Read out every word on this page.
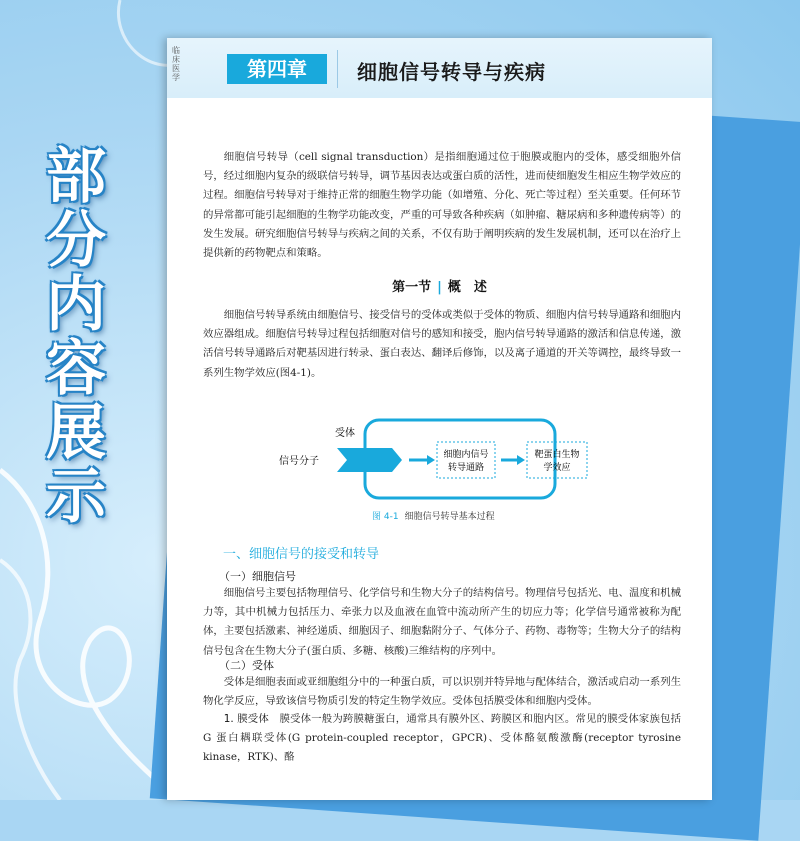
部分内容展示
临床医学	第四章	细胞信号转导与疾病
细胞信号转导（cell signal transduction）是指细胞通过位于胞膜或胞内的受体，感受细胞外信号，经过细胞内复杂的级联信号转导，调节基因表达或蛋白质的活性，进而使细胞发生相应生物学效应的过程。细胞信号转导对于维持正常的细胞生物学功能（如增殖、分化、死亡等过程）至关重要。任何环节的异常都可能引起细胞的生物学功能改变，严重的可导致各种疾病（如肿瘤、糖尿病和多种遗传病等）的发生发展。研究细胞信号转导与疾病之间的关系，不仅有助于阐明疾病的发生发展机制，还可以在治疗上提供新的药物靶点和策略。
第一节 | 概　述
细胞信号转导系统由细胞信号、接受信号的受体或类似于受体的物质、细胞内信号转导通路和细胞内效应器组成。细胞信号转导过程包括细胞对信号的感知和接受，胞内信号转导通路的激活和信息传递，激活信号转导通路后对靶基因进行转录、蛋白表达、翻译后修饰，以及离子通道的开关等调控，最终导致一系列生物学效应(图4-1)。
受体
信号分子
细胞内信号
转导通路
靶蛋白生物
学效应
图 4-1 细胞信号转导基本过程
一、细胞信号的接受和转导
（一）细胞信号
细胞信号主要包括物理信号、化学信号和生物大分子的结构信号。物理信号包括光、电、温度和机械力等，其中机械力包括压力、牵张力以及血液在血管中流动所产生的切应力等；化学信号通常被称为配体，主要包括激素、神经递质、细胞因子、细胞黏附分子、气体分子、药物、毒物等；生物大分子的结构信号包含在生物大分子(蛋白质、多糖、核酸)三维结构的序列中。
（二）受体
受体是细胞表面或亚细胞组分中的一种蛋白质，可以识别并特异地与配体结合，激活或启动一系列生物化学反应，导致该信号物质引发的特定生物学效应。受体包括膜受体和细胞内受体。
1. 膜受体　 膜受体一般为跨膜糖蛋白，通常具有膜外区、跨膜区和胞内区。常见的膜受体家族包括 G 蛋白耦联受体(G protein-coupled receptor，GPCR)、受体酪氨酸激酶(receptor tyrosine kinase，RTK)、酪
